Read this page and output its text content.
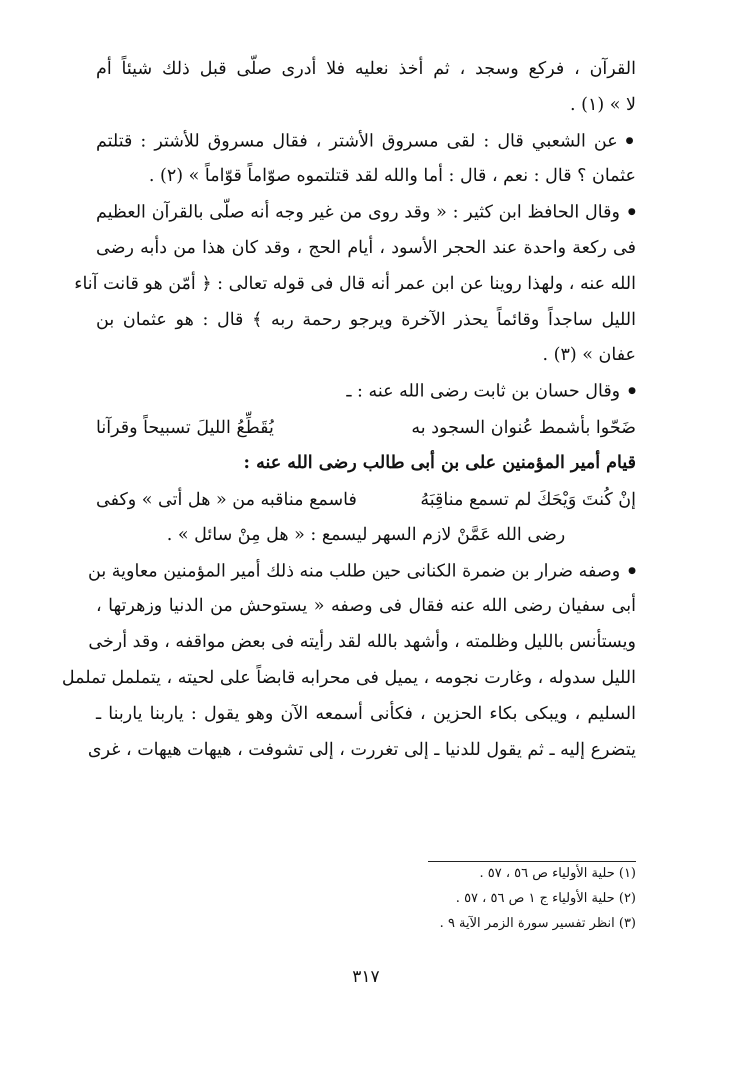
القرآن ، فركع وسجد ، ثم أخذ نعليه فلا أدرى صلّى قبل ذلك شيئاً أم
لا » (١) .
● عن الشعبي قال : لقى مسروق الأشتر ، فقال مسروق للأشتر : قتلتم
عثمان ؟ قال : نعم ، قال : أما والله لقد قتلتموه صوّاماً قوّاماً » (٢) .
● وقال الحافظ ابن كثير : « وقد روى من غير وجه أنه صلّى بالقرآن العظيم
فى ركعة واحدة عند الحجر الأسود ، أيام الحج ، وقد كان هذا من دأبه رضى
الله عنه ، ولهذا روينا عن ابن عمر أنه قال فى قوله تعالى : ﴿ أمّن هو قانت آناء
الليل ساجداً وقائماً يحذر الآخرة ويرجو رحمة ربه ﴾ قال : هو عثمان بن
عفان » (٣) .
● وقال حسان بن ثابت رضى الله عنه : ـ
ضَحّوا بأشمط عُنوان السجود به
يُقَطِّعُ الليلَ تسبيحاً وقرآنا
قيام أمير المؤمنين على بن أبى طالب رضى الله عنه :
إنْ كُنتَ وَيْحَكَ لم تسمع مناقِبَهُ
فاسمع مناقبه من « هل أتى » وكفى
رضى الله عَمَّنْ لازم السهر ليسمع : « هل مِنْ سائل » .
● وصفه ضرار بن ضمرة الكنانى حين طلب منه ذلك أمير المؤمنين معاوية بن
أبى سفيان رضى الله عنه فقال فى وصفه « يستوحش من الدنيا وزهرتها ،
ويستأنس بالليل وظلمته ، وأشهد بالله لقد رأيته فى بعض مواقفه ، وقد أرخى
الليل سدوله ، وغارت نجومه ، يميل فى محرابه قابضاً على لحيته ، يتململ تململ
السليم ، ويبكى بكاء الحزين ، فكأنى أسمعه الآن وهو يقول : ياربنا ياربنا ـ
يتضرع إليه ـ ثم يقول للدنيا ـ إلى تغررت ، إلى تشوفت ، هيهات هيهات ، غرى
(١) حلية الأولياء ص ٥٦ ، ٥٧ .
(٢) حلية الأولياء ج ١ ص ٥٦ ، ٥٧ .
(٣) انظر تفسير سورة الزمر الآية ٩ .
٣١٧
